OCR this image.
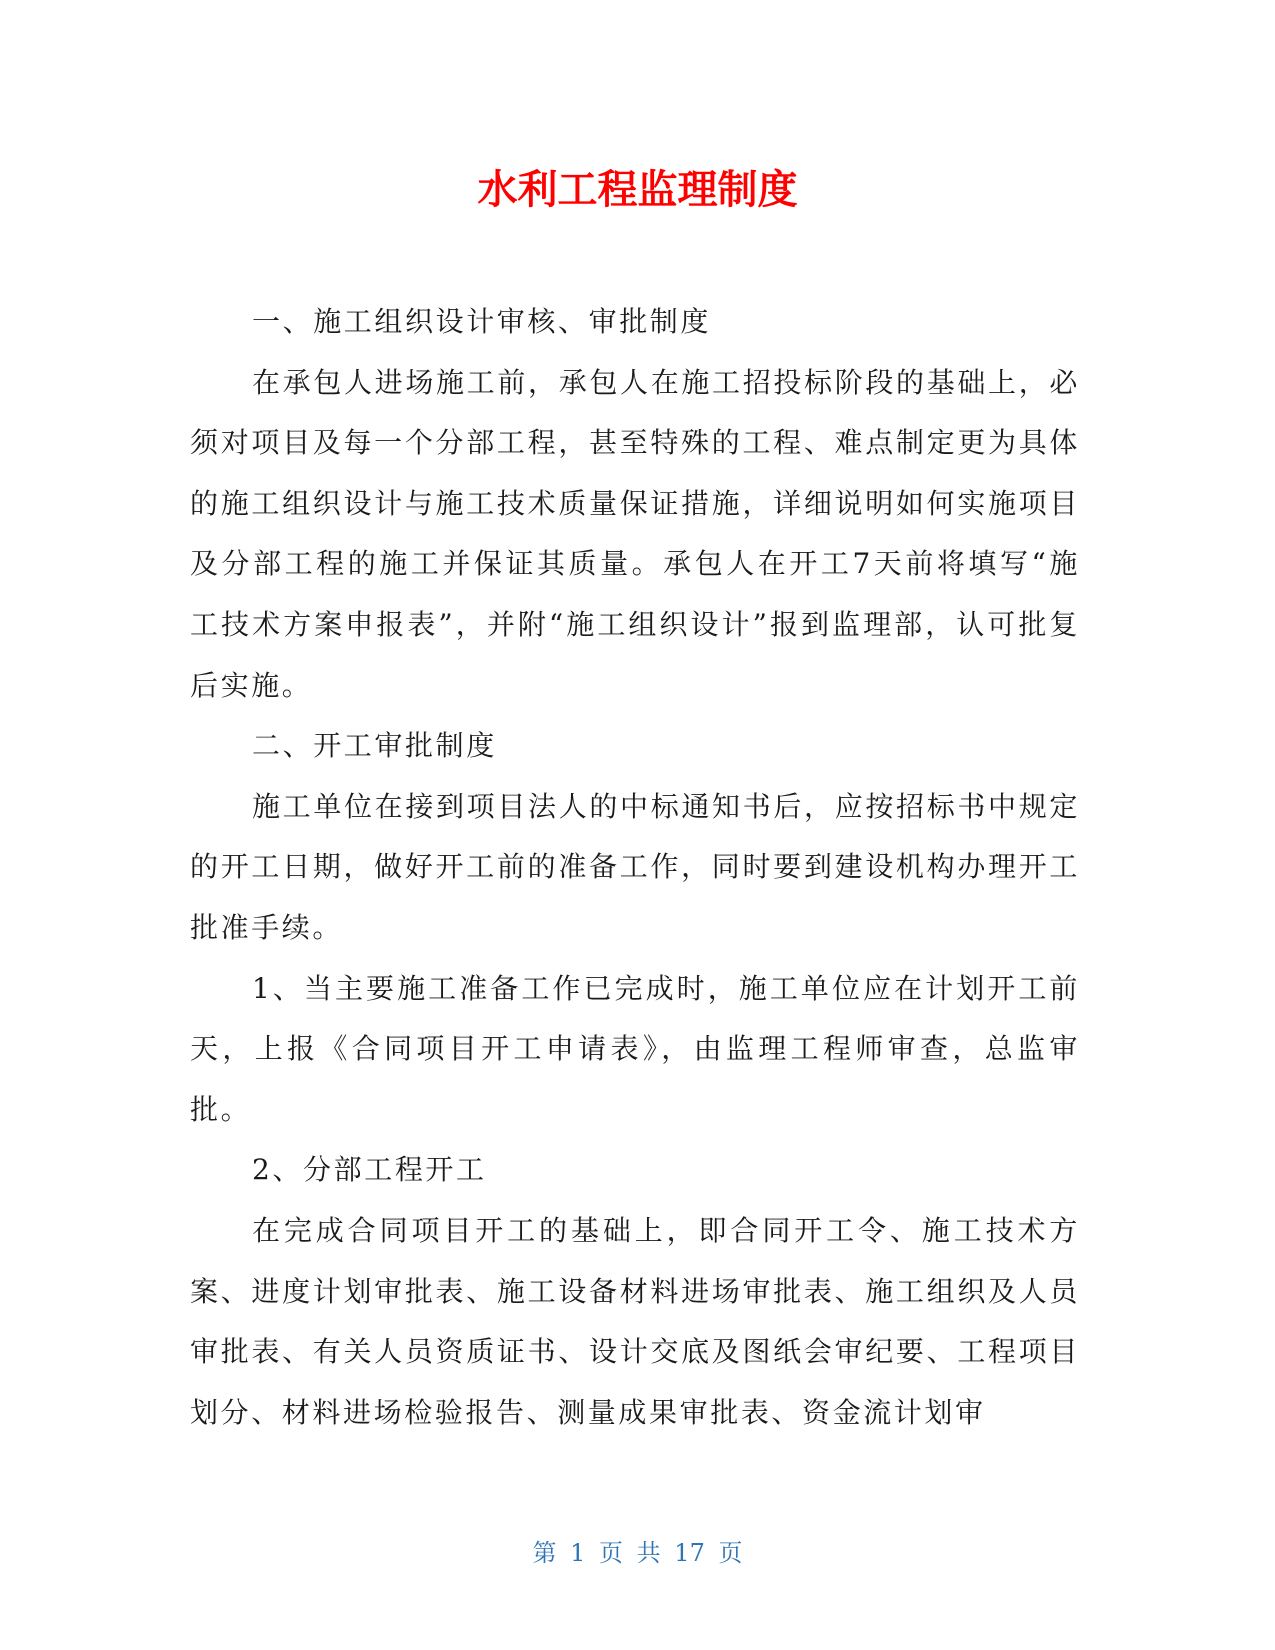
水利工程监理制度

一、施工组织设计审核、审批制度

在承包人进场施工前，承包人在施工招投标阶段的基础上，必须对项目及每一个分部工程，甚至特殊的工程、难点制定更为具体的施工组织设计与施工技术质量保证措施，详细说明如何实施项目及分部工程的施工并保证其质量。承包人在开工7天前将填写“施工技术方案申报表”，并附“施工组织设计”报到监理部，认可批复后实施。

二、开工审批制度

施工单位在接到项目法人的中标通知书后，应按招标书中规定的开工日期，做好开工前的准备工作，同时要到建设机构办理开工批准手续。

1、当主要施工准备工作已完成时，施工单位应在计划开工前天，上报《合同项目开工申请表》，由监理工程师审查，总监审批。

2、分部工程开工

在完成合同项目开工的基础上，即合同开工令、施工技术方案、进度计划审批表、施工设备材料进场审批表、施工组织及人员审批表、有关人员资质证书、设计交底及图纸会审纪要、工程项目划分、材料进场检验报告、测量成果审批表、资金流计划审

第 1 页 共 17 页
